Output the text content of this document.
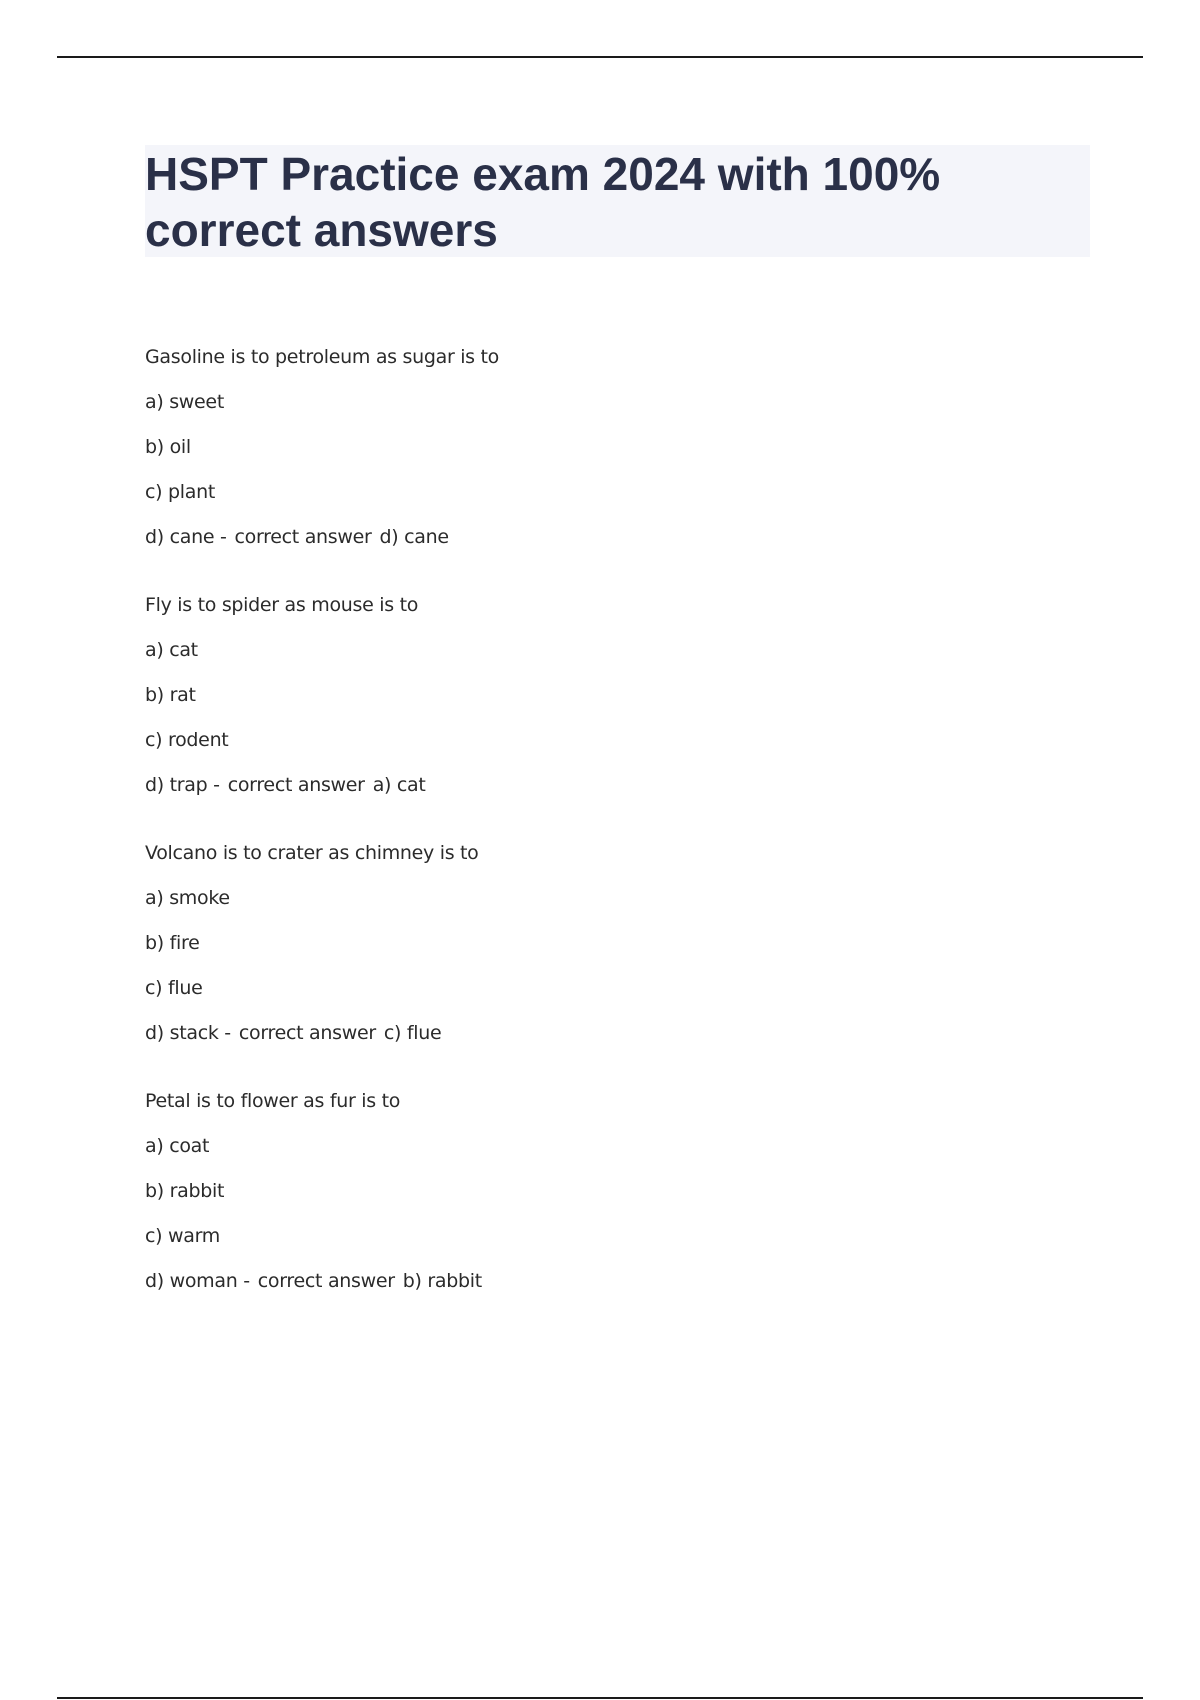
HSPT Practice exam 2024 with 100% correct answers
Gasoline is to petroleum as sugar is to
a) sweet
b) oil
c) plant
d) cane - correct answer d) cane
Fly is to spider as mouse is to
a) cat
b) rat
c) rodent
d) trap - correct answer a) cat
Volcano is to crater as chimney is to
a) smoke
b) fire
c) flue
d) stack - correct answer c) flue
Petal is to flower as fur is to
a) coat
b) rabbit
c) warm
d) woman - correct answer b) rabbit
